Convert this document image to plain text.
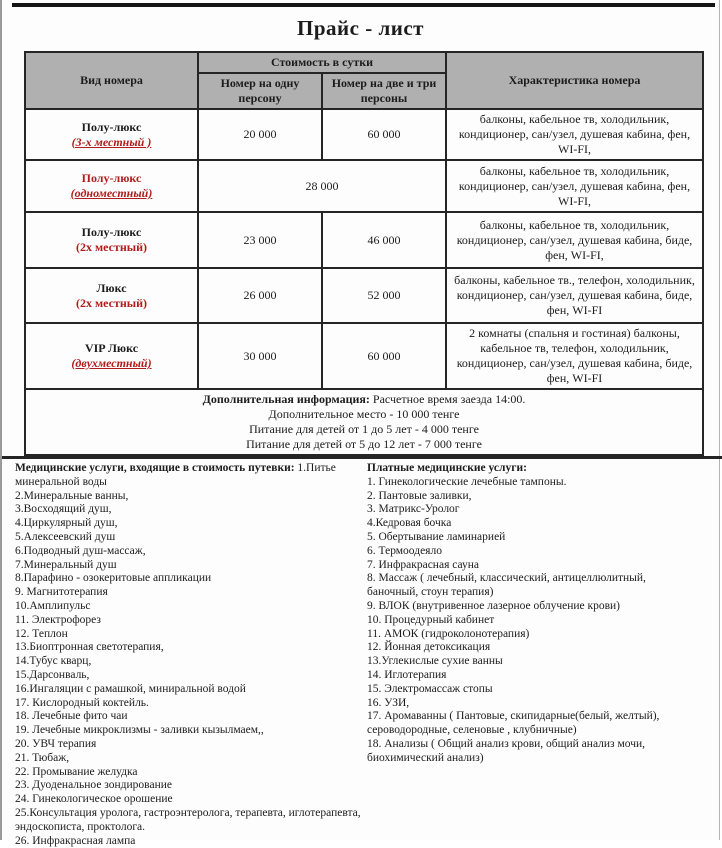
Прайс - лист
Вид номера	Стоимость в сутки		Характеристика номера
	Номер на одну персону	Номер на две и три персоны	

Полу-люкс
(3-х местный )	20 000	60 000	балконы, кабельное тв, холодильник, кондиционер, сан/узел, душевая кабина, фен, WI-FI,

Полу-люкс
(одноместный)	28 000		балконы, кабельное тв, холодильник, кондиционер, сан/узел, душевая кабина, фен, WI-FI,

Полу-люкс
(2х местный)	23 000	46 000	балконы, кабельное тв, холодильник, кондиционер, сан/узел, душевая кабина, биде, фен, WI-FI,

Люкс
(2х местный)	26 000	52 000	балконы, кабельное тв., телефон, холодильник, кондиционер, сан/узел, душевая кабина, биде, фен, WI-FI

VIP Люкс
(двухместный)	30 000	60 000	2 комнаты (спальня и гостиная) балконы, кабельное тв, телефон, холодильник, кондиционер, сан/узел, душевая кабина, биде, фен, WI-FI

Дополнительная информация: Расчетное время заезда 14:00.
Дополнительное место - 10 000 тенге
Питание для детей от 1 до 5 лет - 4 000 тенге
Питание для детей от 5 до 12 лет - 7 000 тенге			
Медицинские услуги, входящие в стоимость путевки: 1.Питье минеральной воды
2.Минеральные ванны,
3.Восходящий душ,
4.Циркулярный душ,
5.Алексеевский душ
6.Подводный душ-массаж,
7.Минеральный душ
8.Парафино - озокеритовые аппликации
9. Магнитотерапия
10.Амплипульс
11. Электрофорез
12. Теплон
13.Биоптронная светотерапия,
14.Тубус кварц,
15.Дарсонваль,
16.Ингаляции с рамашкой, миниральной водой
17. Кислородный коктейль.
18. Лечебные фито чаи
19. Лечебные микроклизмы - заливки кызылмаем,,
20. УВЧ терапия
21. Тюбаж,
22. Промывание желудка
23. Дуоденальное зондирование
24. Гинекологическое орошение
25.Консультация уролога, гастроэнтеролога, терапевта, иглотерапевта, эндоскописта, проктолога.
26. Инфракрасная лампа
Платные медицинские услуги:
1. Гинекологические лечебные тампоны.
2. Пантовые заливки,
3. Матрикс-Уролог
4.Кедровая бочка
5. Обертывание ламинарией
6. Термоодеяло
7. Инфракрасная сауна
8. Массаж ( лечебный, классический, антицеллюлитный, баночный, стоун терапия)
9. ВЛОК (внутривенное лазерное облучение крови)
10. Процедурный кабинет
11. АМОК (гидроколонотерапия)
12. Йонная детоксикация
13.Углекислые сухие ванны
14. Иглотерапия
15. Электромассаж стопы
16. УЗИ,
17. Аромаванны ( Пантовые, скипидарные(белый, желтый), сероводородные, селеновые , клубничные)
18. Анализы ( Общий анализ крови, общий анализ мочи, биохимический анализ)
